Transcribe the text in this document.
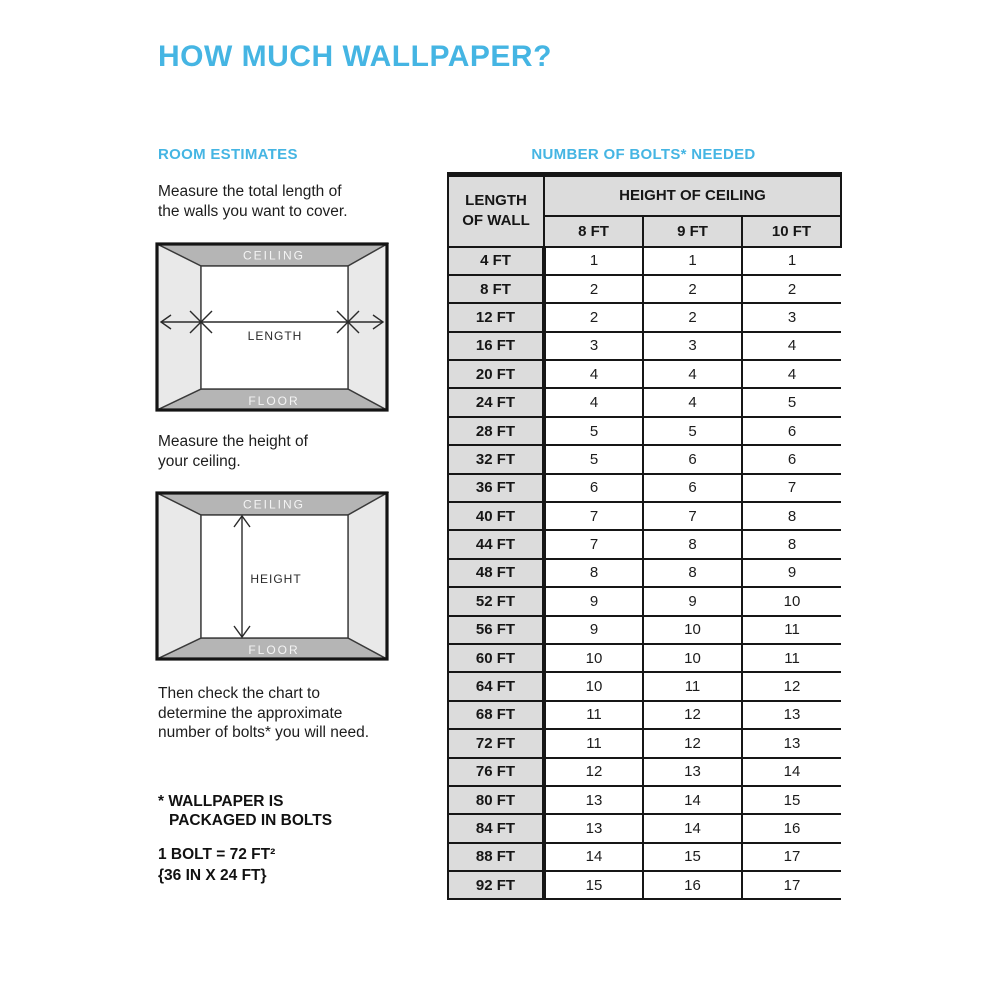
HOW MUCH WALLPAPER?
ROOM ESTIMATES
Measure the total length of
the walls you want to cover.
CEILING
FLOOR
LENGTH
Measure the height of
your ceiling.
CEILING
FLOOR
HEIGHT
Then check the chart to
determine the approximate
number of bolts* you will need.
* WALLPAPER IS
PACKAGED IN BOLTS
1 BOLT = 72 FT²
{36 IN X 24 FT}
NUMBER OF BOLTS* NEEDED
LENGTH
OF WALL	HEIGHT OF CEILING		
	8 FT	9 FT	10 FT
4 FT	1	1	1
8 FT	2	2	2
12 FT	2	2	3
16 FT	3	3	4
20 FT	4	4	4
24 FT	4	4	5
28 FT	5	5	6
32 FT	5	6	6
36 FT	6	6	7
40 FT	7	7	8
44 FT	7	8	8
48 FT	8	8	9
52 FT	9	9	10
56 FT	9	10	11
60 FT	10	10	11
64 FT	10	11	12
68 FT	11	12	13
72 FT	11	12	13
76 FT	12	13	14
80 FT	13	14	15
84 FT	13	14	16
88 FT	14	15	17
92 FT	15	16	17
